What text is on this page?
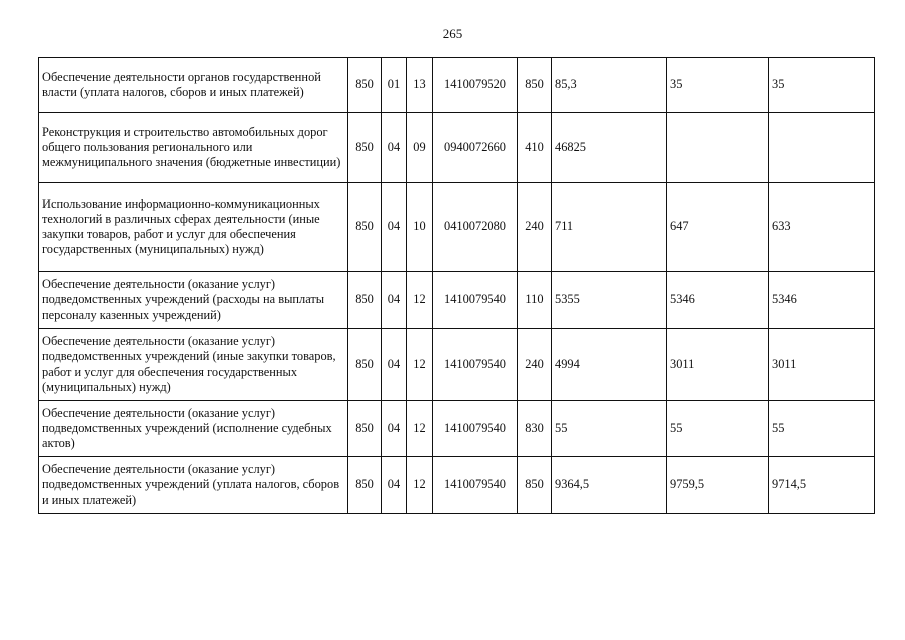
265
Обеспечение деятельности органов государственной власти (уплата налогов, сборов и иных платежей)	850	01	13	1410079520	850	85,3	35	35
Реконструкция и строительство автомобильных дорог общего пользования регионального или межмуниципального значения (бюджетные инвестиции)	850	04	09	0940072660	410	46825		
Использование информационно-коммуникационных технологий в различных сферах деятельности (иные закупки товаров, работ и услуг для обеспечения государственных (муниципальных) нужд)	850	04	10	0410072080	240	711	647	633
Обеспечение деятельности (оказание услуг) подведомственных учреждений (расходы на выплаты персоналу казенных учреждений)	850	04	12	1410079540	110	5355	5346	5346
Обеспечение деятельности (оказание услуг) подведомственных учреждений (иные закупки товаров, работ и услуг для обеспечения государственных (муниципальных) нужд)	850	04	12	1410079540	240	4994	3011	3011
Обеспечение деятельности (оказание услуг) подведомственных учреждений (исполнение судебных актов)	850	04	12	1410079540	830	55	55	55
Обеспечение деятельности (оказание услуг) подведомственных учреждений (уплата налогов, сборов и иных платежей)	850	04	12	1410079540	850	9364,5	9759,5	9714,5
